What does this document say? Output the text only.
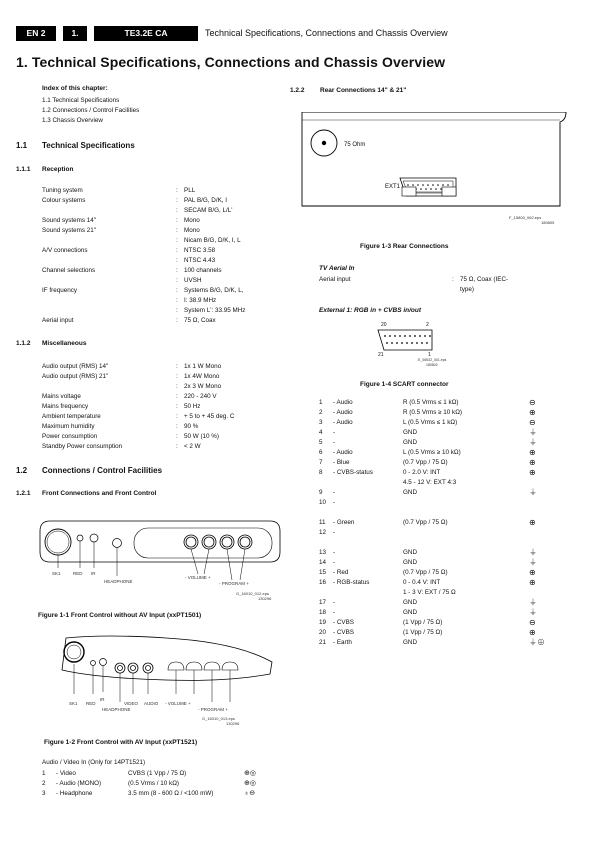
EN 2	1.	TE3.2E CA	Technical Specifications, Connections and Chassis Overview
1. Technical Specifications, Connections and Chassis Overview
Index of this chapter:
1.1 Technical Specifications
1.2 Connections / Control Facilities
1.3 Chassis Overview
1.1 Technical Specifications
1.1.1 Reception
Tuning system	: PLL
Colour systems	: PAL B/G, D/K, I
: SECAM B/G, L/L'
Sound systems 14"	: Mono
Sound systems 21"	: Mono
: Nicam B/G, D/K, I, L
A/V connections	: NTSC 3.58
: NTSC 4.43
Channel selections	: 100 channels
: UVSH
IF frequency	: Systems B/G, D/K, L,
: I: 38.9 MHz
: System L': 33.95 MHz
Aerial input	: 75 Ω, Coax
1.1.2 Miscellaneous
Audio output (RMS) 14"	: 1x 1 W Mono
Audio output (RMS) 21"	: 1x 4W Mono
: 2x 3 W Mono
Mains voltage	: 220 - 240 V
Mains frequency	: 50 Hz
Ambient temperature	: + 5 to + 45 deg. C
Maximum humidity	: 90 %
Power consumption	: 50 W (10 %)
Standby Power consumption	: < 2 W
1.2 Connections / Control Facilities
1.2.1 Front Connections and Front Control
SK1	RED IR
HEADPHONE
- VOLUME +
- PROGRAM +
G_16010_012.eps
130296
Figure 1-1 Front Control without AV Input (xxPT1501)
SK1 RED
IR
HEADPHONE
VIDEO AUDIO - VOLUME +
- PROGRAM +
G_16010_013.eps
130296
Figure 1-2 Front Control with AV Input (xxPT1521)
Audio / Video In (Only for 14PT1521)
1 - Video	CVBS (1 Vpp / 75 Ω)	⊕◎
2 - Audio (MONO)	(0.5 Vrms / 10 kΩ)	⊕◎
3 - Headphone	3.5 mm (8 - 600 Ω / <100 mW)	♁⊖
1.2.2 Rear Connections 14" & 21"
75 Ohm
EXT1
F_15800_062.eps
180805
Figure 1-3 Rear Connections
TV Aerial In
Aerial input	: 75 Ω, Coax (IEC-
type)
External 1: RGB in + CVBS in/out
20	2
21	1
E_06532_001.eps
180802
Figure 1-4 SCART connector
1 - Audio	R (0.5 Vrms ≤ 1 kΩ)	⊖
2 - Audio	R (0.5 Vrms ≥ 10 kΩ)	⊕
3 - Audio	L (0.5 Vrms ≤ 1 kΩ)	⊖
4 -	GND	⏚
5 -	GND	⏚
6 - Audio	L (0.5 Vrms ≥ 10 kΩ)	⊕
7 - Blue	(0.7 Vpp / 75 Ω)	⊕
8 - CVBS-status	0 - 2.0 V: INT	⊕
4.5 - 12 V: EXT 4:3
9 -	GND	⏚
10 -
11 - Green	(0.7 Vpp / 75 Ω)	⊕
12 -
13 -	GND	⏚
14 -	GND	⏚
15 - Red	(0.7 Vpp / 75 Ω)	⊕
16 - RGB-status	0 - 0.4 V: INT	⊕
1 - 3 V: EXT / 75 Ω
17 -	GND	⏚
18 -	GND	⏚
19 - CVBS	(1 Vpp / 75 Ω)	⊖
20 - CVBS	(1 Vpp / 75 Ω)	⊕
21 - Earth	GND	⏚⊕
